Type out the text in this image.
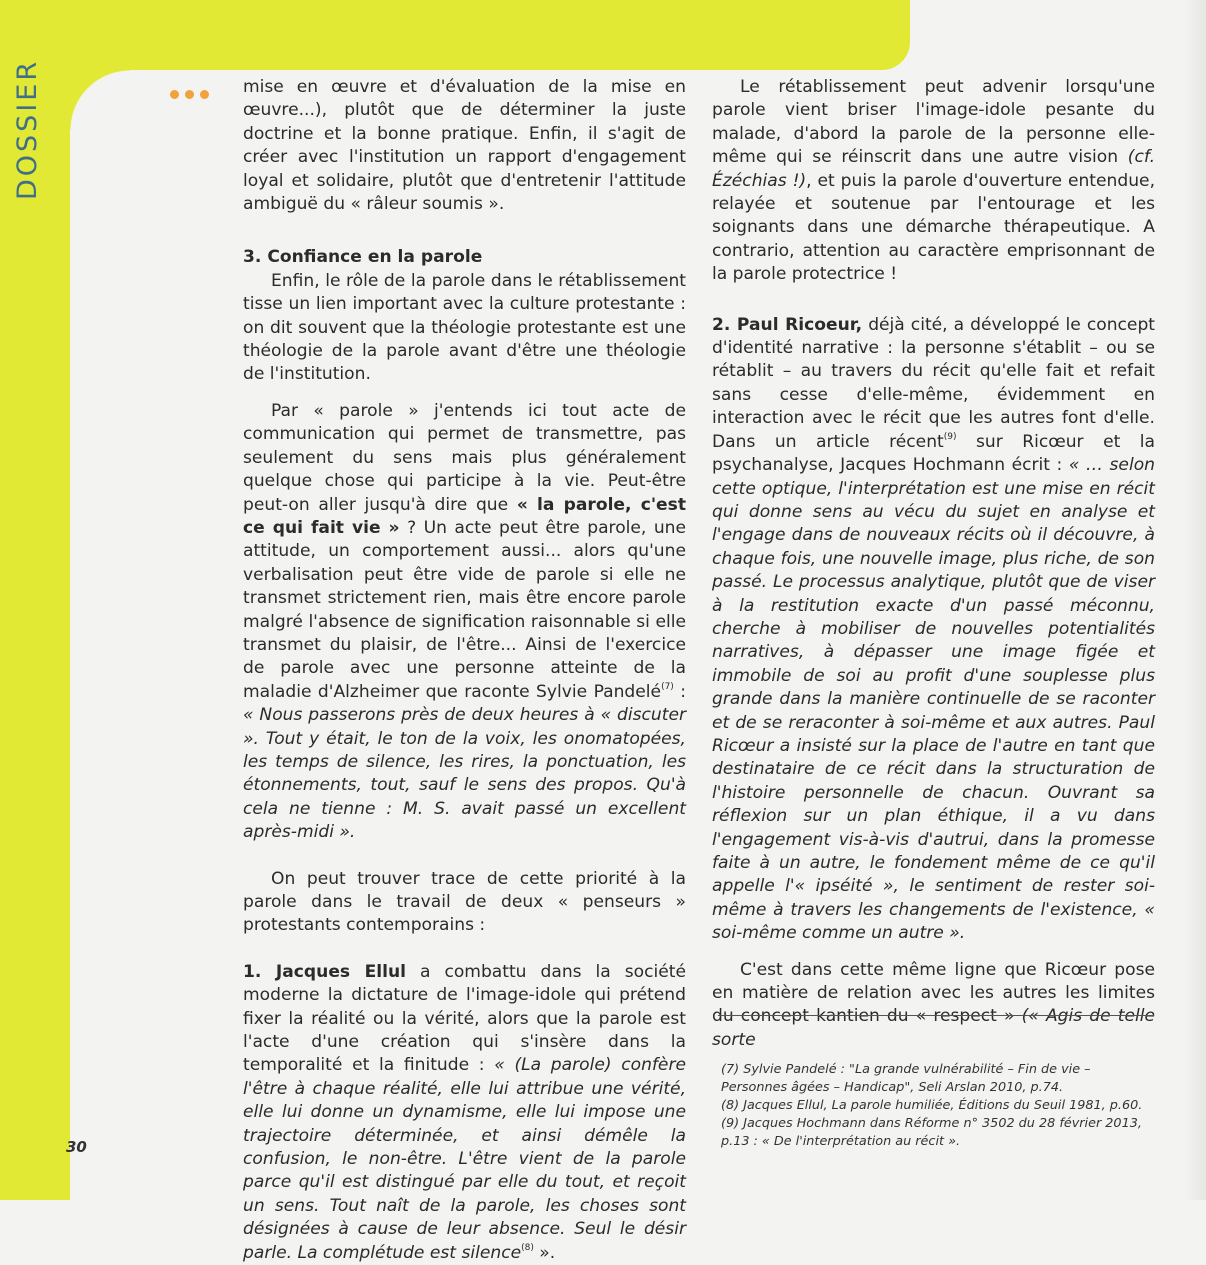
DOSSIER
30

mise en œuvre et d'évaluation de la mise en œuvre...), plutôt que de déterminer la juste doctrine et la bonne pratique. Enfin, il s'agit de créer avec l'institution un rapport d'engagement loyal et solidaire, plutôt que d'entretenir l'attitude ambiguë du « râleur soumis ».

3. Confiance en la parole

Enfin, le rôle de la parole dans le rétablissement tisse un lien important avec la culture protestante : on dit souvent que la théologie protestante est une théologie de la parole avant d'être une théologie de l'institution.

Par « parole » j'entends ici tout acte de communication qui permet de transmettre, pas seulement du sens mais plus généralement quelque chose qui participe à la vie. Peut-être peut-on aller jusqu'à dire que « la parole, c'est ce qui fait vie » ? Un acte peut être parole, une attitude, un comportement aussi... alors qu'une verbalisation peut être vide de parole si elle ne transmet strictement rien, mais être encore parole malgré l'absence de signification raisonnable si elle transmet du plaisir, de l'être... Ainsi de l'exercice de parole avec une personne atteinte de la maladie d'Alzheimer que raconte Sylvie Pandelé$^{(7)}$ : « Nous passerons près de deux heures à « discuter ». Tout y était, le ton de la voix, les onomatopées, les temps de silence, les rires, la ponctuation, les étonnements, tout, sauf le sens des propos. Qu'à cela ne tienne : M. S. avait passé un excellent après-midi ».

On peut trouver trace de cette priorité à la parole dans le travail de deux « penseurs » protestants contemporains :

1. Jacques Ellul a combattu dans la société moderne la dictature de l'image-idole qui prétend fixer la réalité ou la vérité, alors que la parole est l'acte d'une création qui s'insère dans la temporalité et la finitude : « (La parole) confère l'être à chaque réalité, elle lui attribue une vérité, elle lui donne un dynamisme, elle lui impose une trajectoire déterminée, et ainsi démêle la confusion, le non-être. L'être vient de la parole parce qu'il est distingué par elle du tout, et reçoit un sens. Tout naît de la parole, les choses sont désignées à cause de leur absence. Seul le désir parle. La complétude est silence$^{(8)}$ ».

Le rétablissement peut advenir lorsqu'une parole vient briser l'image-idole pesante du malade, d'abord la parole de la personne elle-même qui se réinscrit dans une autre vision (cf. Ézéchias !), et puis la parole d'ouverture entendue, relayée et soutenue par l'entourage et les soignants dans une démarche thérapeutique. A contrario, attention au caractère emprisonnant de la parole protectrice !

2. Paul Ricoeur, déjà cité, a développé le concept d'identité narrative : la personne s'établit – ou se rétablit – au travers du récit qu'elle fait et refait sans cesse d'elle-même, évidemment en interaction avec le récit que les autres font d'elle. Dans un article récent$^{(9)}$ sur Ricœur et la psychanalyse, Jacques Hochmann écrit : « … selon cette optique, l'interprétation est une mise en récit qui donne sens au vécu du sujet en analyse et l'engage dans de nouveaux récits où il découvre, à chaque fois, une nouvelle image, plus riche, de son passé. Le processus analytique, plutôt que de viser à la restitution exacte d'un passé méconnu, cherche à mobiliser de nouvelles potentialités narratives, à dépasser une image figée et immobile de soi au profit d'une souplesse plus grande dans la manière continuelle de se raconter et de se reraconter à soi-même et aux autres. Paul Ricœur a insisté sur la place de l'autre en tant que destinataire de ce récit dans la structuration de l'histoire personnelle de chacun. Ouvrant sa réflexion sur un plan éthique, il a vu dans l'engagement vis-à-vis d'autrui, dans la promesse faite à un autre, le fondement même de ce qu'il appelle l'« ipséité », le sentiment de rester soi-même à travers les changements de l'existence, « soi-même comme un autre ».

C'est dans cette même ligne que Ricœur pose en matière de relation avec les autres les limites du concept kantien du « respect » (« Agis de telle sorte

(7) Sylvie Pandelé : "La grande vulnérabilité – Fin de vie – Personnes âgées – Handicap", Seli Arslan 2010, p.74.

(8) Jacques Ellul, La parole humiliée, Éditions du Seuil 1981, p.60.

(9) Jacques Hochmann dans Réforme n° 3502 du 28 février 2013, p.13 : « De l'interprétation au récit ».
